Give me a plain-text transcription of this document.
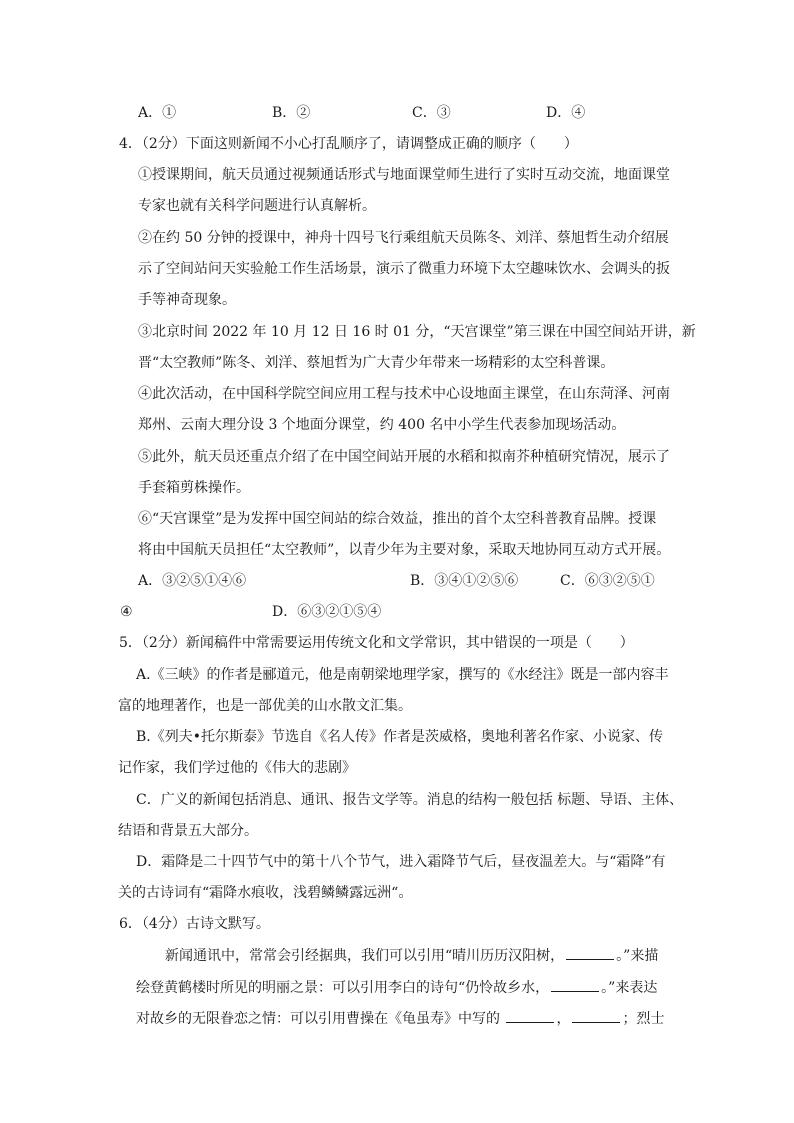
A．①	B．②	C．③	D．④
4．（2分）下面这则新闻不小心打乱顺序了，请调整成正确的顺序（　　）
①授课期间，航天员通过视频通话形式与地面课堂师生进行了实时互动交流，地面课堂
专家也就有关科学问题进行认真解析。
②在约 50 分钟的授课中，神舟十四号飞行乘组航天员陈冬、刘洋、蔡旭哲生动介绍展
示了空间站问天实验舱工作生活场景，演示了微重力环境下太空趣味饮水、会调头的扳
手等神奇现象。
③北京时间 2022 年 10 月 12 日 16 时 01 分，“天宫课堂”第三课在中国空间站开讲，新
晋“太空教师”陈冬、刘洋、蔡旭哲为广大青少年带来一场精彩的太空科普课。
④此次活动，在中国科学院空间应用工程与技术中心设地面主课堂，在山东菏泽、河南
郑州、云南大理分设 3 个地面分课堂，约 400 名中小学生代表参加现场活动。
⑤此外，航天员还重点介绍了在中国空间站开展的水稻和拟南芥种植研究情况，展示了
手套箱剪株操作。
⑥“天宫课堂”是为发挥中国空间站的综合效益，推出的首个太空科普教育品牌。授课
将由中国航天员担任“太空教师”，以青少年为主要对象，采取天地协同互动方式开展。
A．③②⑤①④⑥	B．③④①②⑤⑥	C．⑥③②⑤①
④	D．⑥③②①⑤④
5．（2分）新闻稿件中常需要运用传统文化和文学常识，其中错误的一项是（　　）
A.《三峡》的作者是郦道元，他是南朝梁地理学家，撰写的《水经注》既是一部内容丰
富的地理著作，也是一部优美的山水散文汇集。
B.《列夫•托尔斯泰》节选自《名人传》作者是茨威格，奥地利著名作家、小说家、传
记作家，我们学过他的《伟大的悲剧》
C．广义的新闻包括消息、通讯、报告文学等。消息的结构一般包括 标题、导语、主体、
结语和背景五大部分。
D．霜降是二十四节气中的第十八个节气，进入霜降节气后，昼夜温差大。与“霜降”有
关的古诗词有“霜降水痕收，浅碧鳞鳞露远洲“。
6．（4分）古诗文默写。
新闻通讯中，常常会引经据典，我们可以引用“晴川历历汉阳树，	。”来描
绘登黄鹤楼时所见的明丽之景：可以引用李白的诗句“仍怜故乡水，	。”来表达
对故乡的无限眷恋之情：可以引用曹操在《龟虽寿》中写的	，	；烈士
